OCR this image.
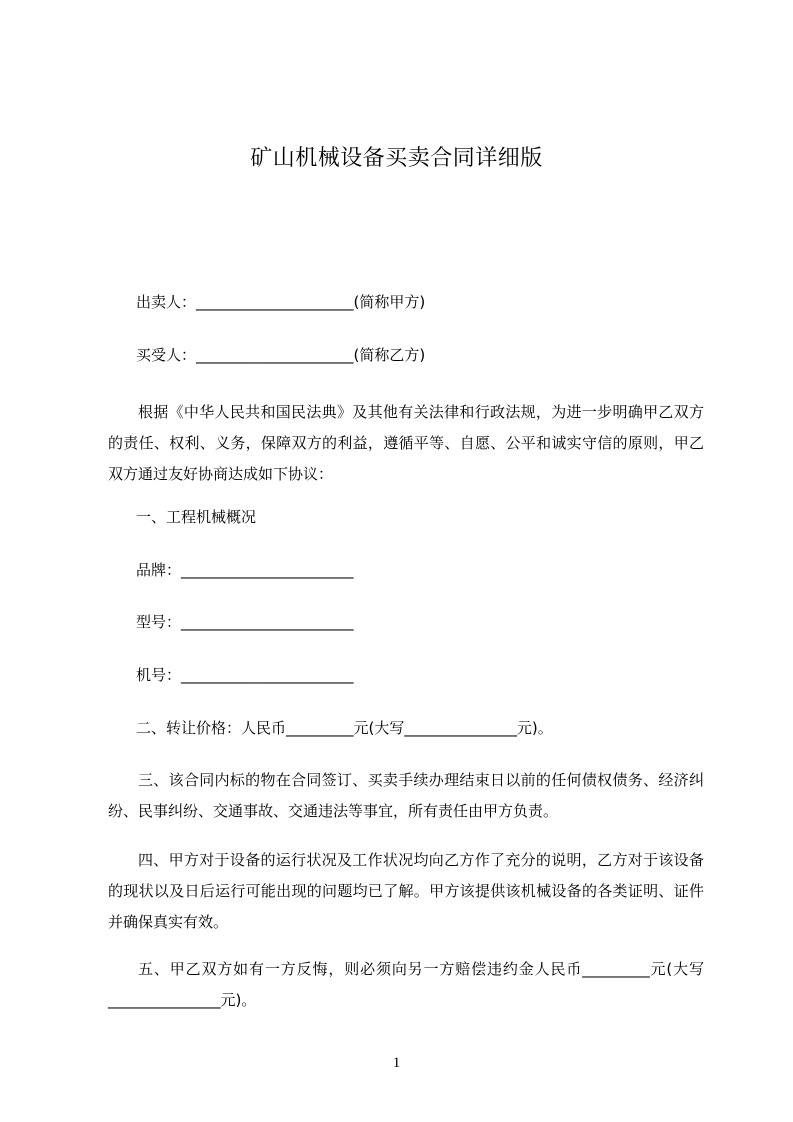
矿山机械设备买卖合同详细版
出卖人：_____________________(简称甲方)
买受人：_____________________(简称乙方)
根据《中华人民共和国民法典》及其他有关法律和行政法规，为进一步明确甲乙双方的责任、权利、义务，保障双方的利益，遵循平等、自愿、公平和诚实守信的原则，甲乙双方通过友好协商达成如下协议：
一、工程机械概况
品牌：_______________________
型号：_______________________
机号：_______________________
二、转让价格：人民币_________元(大写_______________元)。
三、该合同内标的物在合同签订、买卖手续办理结束日以前的任何债权债务、经济纠纷、民事纠纷、交通事故、交通违法等事宜，所有责任由甲方负责。
四、甲方对于设备的运行状况及工作状况均向乙方作了充分的说明，乙方对于该设备的现状以及日后运行可能出现的问题均已了解。甲方该提供该机械设备的各类证明、证件并确保真实有效。
五、甲乙双方如有一方反悔，则必须向另一方赔偿违约金人民币_________元(大写_______________元)。
1
